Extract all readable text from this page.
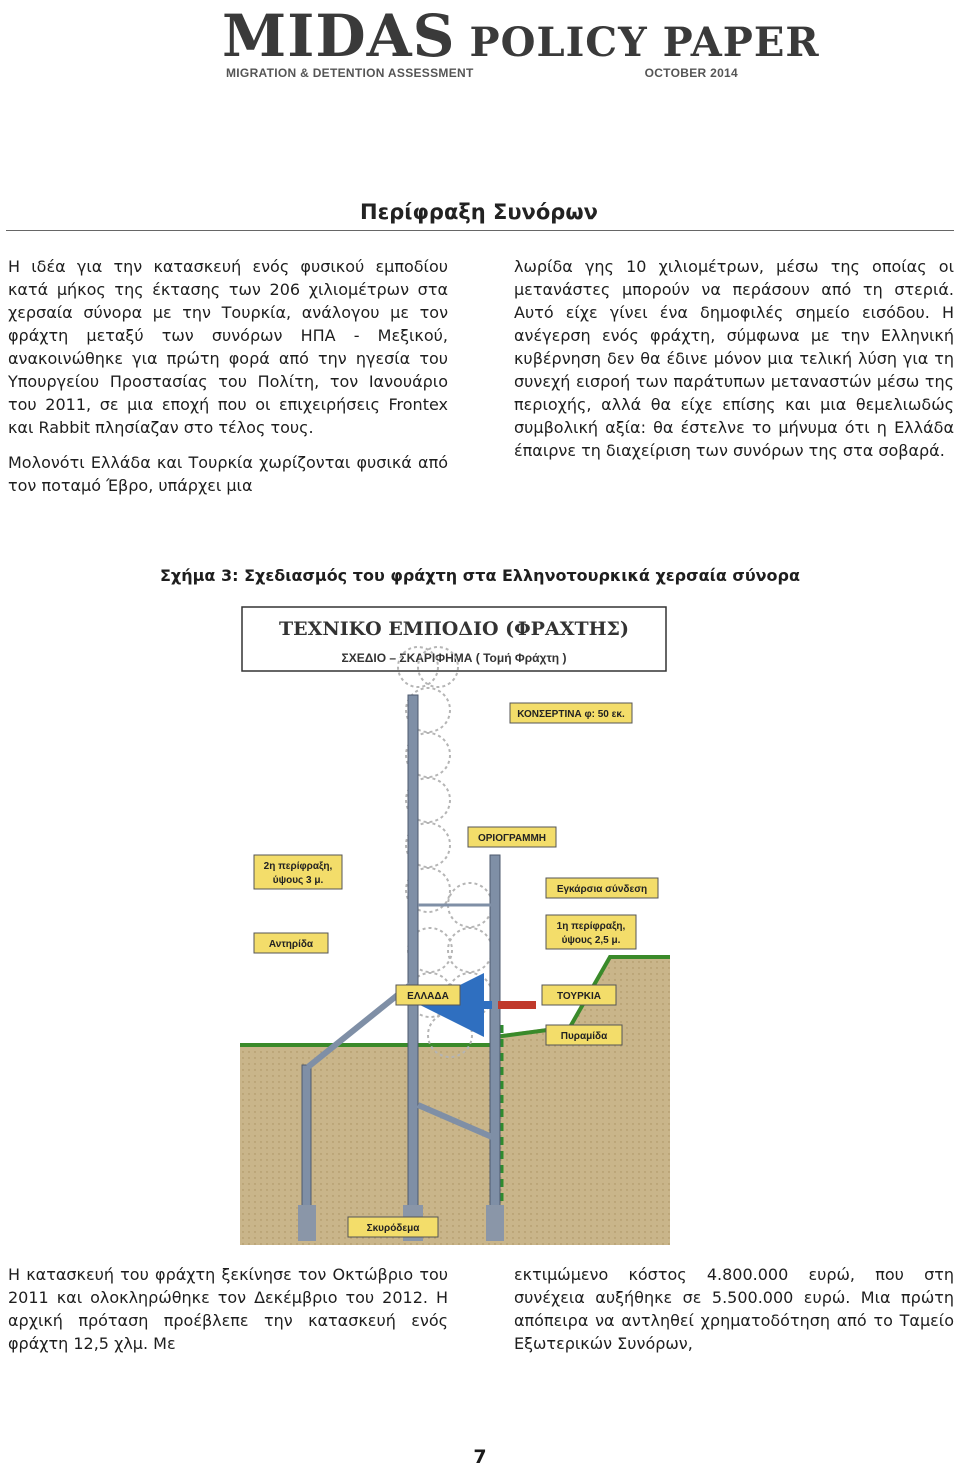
MIDAS POLICY PAPER
MIGRATION & DETENTION ASSESSMENT	OCTOBER 2014
Περίφραξη Συνόρων

Η ιδέα για την κατασκευή ενός φυσικού εμποδίου κατά μήκος της έκτασης των 206 χιλιομέτρων στα χερσαία σύνορα με την Τουρκία, ανάλογου με τον φράχτη μεταξύ των συνόρων ΗΠΑ - Μεξικού, ανακοινώθηκε για πρώτη φορά από την ηγεσία του Υπουργείου Προστασίας του Πολίτη, τον Ιανουάριο του 2011, σε μια εποχή που οι επιχειρήσεις Frontex και Rabbit πλησίαζαν στο τέλος τους.

Μολονότι Ελλάδα και Τουρκία χωρίζονται φυσικά από τον ποταμό Έβρο, υπάρχει μια

λωρίδα γης 10 χιλιομέτρων, μέσω της οποίας οι μετανάστες μπορούν να περάσουν από τη στεριά. Αυτό είχε γίνει ένα δημοφιλές σημείο εισόδου. Η ανέγερση ενός φράχτη, σύμφωνα με την Ελληνική κυβέρνηση δεν θα έδινε μόνον μια τελική λύση για τη συνεχή εισροή των παράτυπων μεταναστών μέσω της περιοχής, αλλά θα είχε επίσης και μια θεμελιωδώς συμβολική αξία: θα έστελνε το μήνυμα ότι η Ελλάδα έπαιρνε τη διαχείριση των συνόρων της στα σοβαρά.

Σχήμα 3: Σχεδιασμός του φράχτη στα Ελληνοτουρκικά χερσαία σύνορα
ΤΕΧΝΙΚΟ ΕΜΠΟΔΙΟ (ΦΡΑΧΤΗΣ)
ΣΧΕΔΙΟ – ΣΚΑΡΙΦΗΜΑ ( Τομή Φράχτη )
ΚΟΝΣΕΡΤΙΝΑ φ: 50 εκ.
ΟΡΙΟΓΡΑΜΜΗ
2η περίφραξη,
ύψους 3 μ.
Εγκάρσια σύνδεση
1η περίφραξη,
ύψους 2,5 μ.
Αντηρίδα
ΕΛΛΑΔΑ	ΤΟΥΡΚΙΑ
Πυραμίδα
Σκυρόδεμα

Η κατασκευή του φράχτη ξεκίνησε τον Οκτώβριο του 2011 και ολοκληρώθηκε τον Δεκέμβριο του 2012. Η αρχική πρόταση προέβλεπε την κατασκευή ενός φράχτη 12,5 χλμ. Με

εκτιμώμενο κόστος 4.800.000 ευρώ, που στη συνέχεια αυξήθηκε σε 5.500.000 ευρώ. Μια πρώτη απόπειρα να αντληθεί χρηματοδότηση από το Ταμείο Εξωτερικών Συνόρων,

7
